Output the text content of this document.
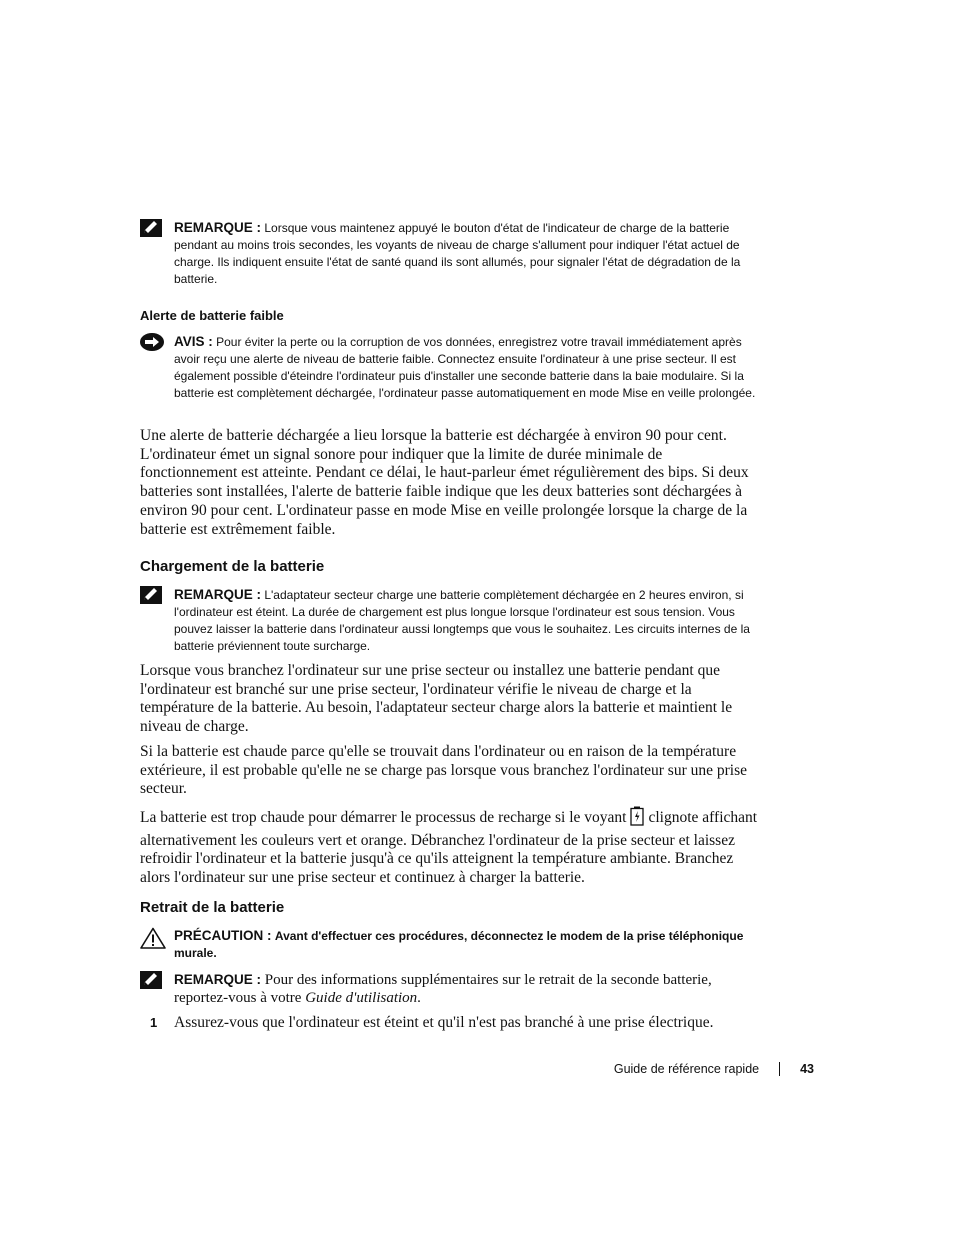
REMARQUE : Lorsque vous maintenez appuyé le bouton d'état de l'indicateur de charge de la batterie pendant au moins trois secondes, les voyants de niveau de charge s'allument pour indiquer l'état actuel de charge. Ils indiquent ensuite l'état de santé quand ils sont allumés, pour signaler l'état de dégradation de la batterie.
Alerte de batterie faible
AVIS : Pour éviter la perte ou la corruption de vos données, enregistrez votre travail immédiatement après avoir reçu une alerte de niveau de batterie faible. Connectez ensuite l'ordinateur à une prise secteur. Il est également possible d'éteindre l'ordinateur puis d'installer une seconde batterie dans la baie modulaire. Si la batterie est complètement déchargée, l'ordinateur passe automatiquement en mode Mise en veille prolongée.

Une alerte de batterie déchargée a lieu lorsque la batterie est déchargée à environ 90 pour cent. L'ordinateur émet un signal sonore pour indiquer que la limite de durée minimale de fonctionnement est atteinte. Pendant ce délai, le haut-parleur émet régulièrement des bips. Si deux batteries sont installées, l'alerte de batterie faible indique que les deux batteries sont déchargées à environ 90 pour cent. L'ordinateur passe en mode Mise en veille prolongée lorsque la charge de la batterie est extrêmement faible.

Chargement de la batterie
REMARQUE : L'adaptateur secteur charge une batterie complètement déchargée en 2 heures environ, si l'ordinateur est éteint. La durée de chargement est plus longue lorsque l'ordinateur est sous tension. Vous pouvez laisser la batterie dans l'ordinateur aussi longtemps que vous le souhaitez. Les circuits internes de la batterie préviennent toute surcharge.

Lorsque vous branchez l'ordinateur sur une prise secteur ou installez une batterie pendant que l'ordinateur est branché sur une prise secteur, l'ordinateur vérifie le niveau de charge et la température de la batterie. Au besoin, l'adaptateur secteur charge alors la batterie et maintient le niveau de charge.

Si la batterie est chaude parce qu'elle se trouvait dans l'ordinateur ou en raison de la température extérieure, il est probable qu'elle ne se charge pas lorsque vous branchez l'ordinateur sur une prise secteur.

La batterie est trop chaude pour démarrer le processus de recharge si le voyant clignote affichant alternativement les couleurs vert et orange. Débranchez l'ordinateur de la prise secteur et laissez refroidir l'ordinateur et la batterie jusqu'à ce qu'ils atteignent la température ambiante. Branchez alors l'ordinateur sur une prise secteur et continuez à charger la batterie.

Retrait de la batterie
PRÉCAUTION : Avant d'effectuer ces procédures, déconnectez le modem de la prise téléphonique murale.
REMARQUE : Pour des informations supplémentaires sur le retrait de la seconde batterie, reportez-vous à votre Guide d'utilisation.
1 Assurez-vous que l'ordinateur est éteint et qu'il n'est pas branché à une prise électrique.
Guide de référence rapide	43
